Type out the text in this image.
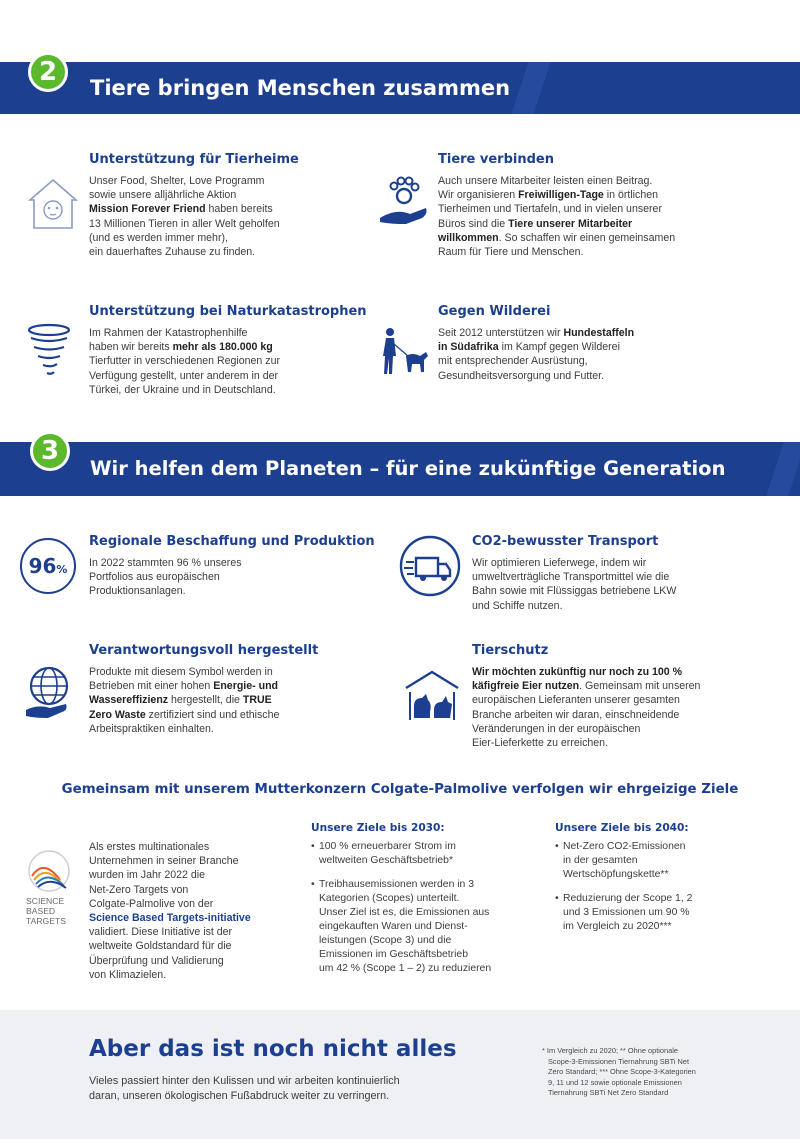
2
Tiere bringen Menschen zusammen
Unterstützung für Tierheime	Tiere verbinden
Unterstützung bei Naturkatastrophen	Gegen Wilderei
Unser Food, Shelter, Love Programm
sowie unsere alljährliche Aktion
Mission Forever Friend haben bereits
13 Millionen Tieren in aller Welt geholfen
(und es werden immer mehr),
ein dauerhaftes Zuhause zu finden.
Auch unsere Mitarbeiter leisten einen Beitrag.
Wir organisieren Freiwilligen-Tage in örtlichen
Tierheimen und Tiertafeln, und in vielen unserer
Büros sind die Tiere unserer Mitarbeiter
willkommen. So schaffen wir einen gemeinsamen
Raum für Tiere und Menschen.
Im Rahmen der Katastrophenhilfe
haben wir bereits mehr als 180.000 kg
Tierfutter in verschiedenen Regionen zur
Verfügung gestellt, unter anderem in der
Türkei, der Ukraine und in Deutschland.
Seit 2012 unterstützen wir Hundestaffeln
in Südafrika im Kampf gegen Wilderei
mit entsprechender Ausrüstung,
Gesundheitsversorgung und Futter.
3
Wir helfen dem Planeten – für eine zukünftige Generation
96%
Regionale Beschaffung und Produktion	CO2-bewusster Transport
Verantwortungsvoll hergestellt	Tierschutz
In 2022 stammten 96 % unseres
Portfolios aus europäischen
Produktionsanlagen.
Wir optimieren Lieferwege, indem wir
umweltverträgliche Transportmittel wie die
Bahn sowie mit Flüssiggas betriebene LKW
und Schiffe nutzen.
Produkte mit diesem Symbol werden in
Betrieben mit einer hohen Energie- und
Wassereffizienz hergestellt, die TRUE
Zero Waste zertifiziert sind und ethische
Arbeitspraktiken einhalten.
Wir möchten zukünftig nur noch zu 100 %
käfigfreie Eier nutzen. Gemeinsam mit unseren
europäischen Lieferanten unserer gesamten
Branche arbeiten wir daran, einschneidende
Veränderungen in der europäischen
Eier-Lieferkette zu erreichen.
Gemeinsam mit unserem Mutterkonzern Colgate-Palmolive verfolgen wir ehrgeizige Ziele
SCIENCE
BASED
TARGETS
Als erstes multinationales
Unternehmen in seiner Branche
wurden im Jahr 2022 die
Net-Zero Targets von
Colgate-Palmolive von der
Science Based Targets-initiative
validiert. Diese Initiative ist der
weltweite Goldstandard für die
Überprüfung und Validierung
von Klimazielen.
Unsere Ziele bis 2030:
• 100 % erneuerbarer Strom im
weltweiten Geschäftsbetrieb*
• Treibhausemissionen werden in 3
Kategorien (Scopes) unterteilt.
Unser Ziel ist es, die Emissionen aus
eingekauften Waren und Dienst-
leistungen (Scope 3) und die
Emissionen im Geschäftsbetrieb
um 42 % (Scope 1 – 2) zu reduzieren
Unsere Ziele bis 2040:
• Net-Zero CO2-Emissionen
in der gesamten
Wertschöpfungskette**
• Reduzierung der Scope 1, 2
und 3 Emissionen um 90 %
im Vergleich zu 2020***
Aber das ist noch nicht alles
Vieles passiert hinter den Kulissen und wir arbeiten kontinuierlich
daran, unseren ökologischen Fußabdruck weiter zu verringern.
* Im Vergleich zu 2020; ** Ohne optionale
Scope-3-Emissionen Tiernahrung SBTi Net
Zero Standard; *** Ohne Scope-3-Kategorien
9, 11 und 12 sowie optionale Emissionen
Tiernahrung SBTi Net Zero Standard
